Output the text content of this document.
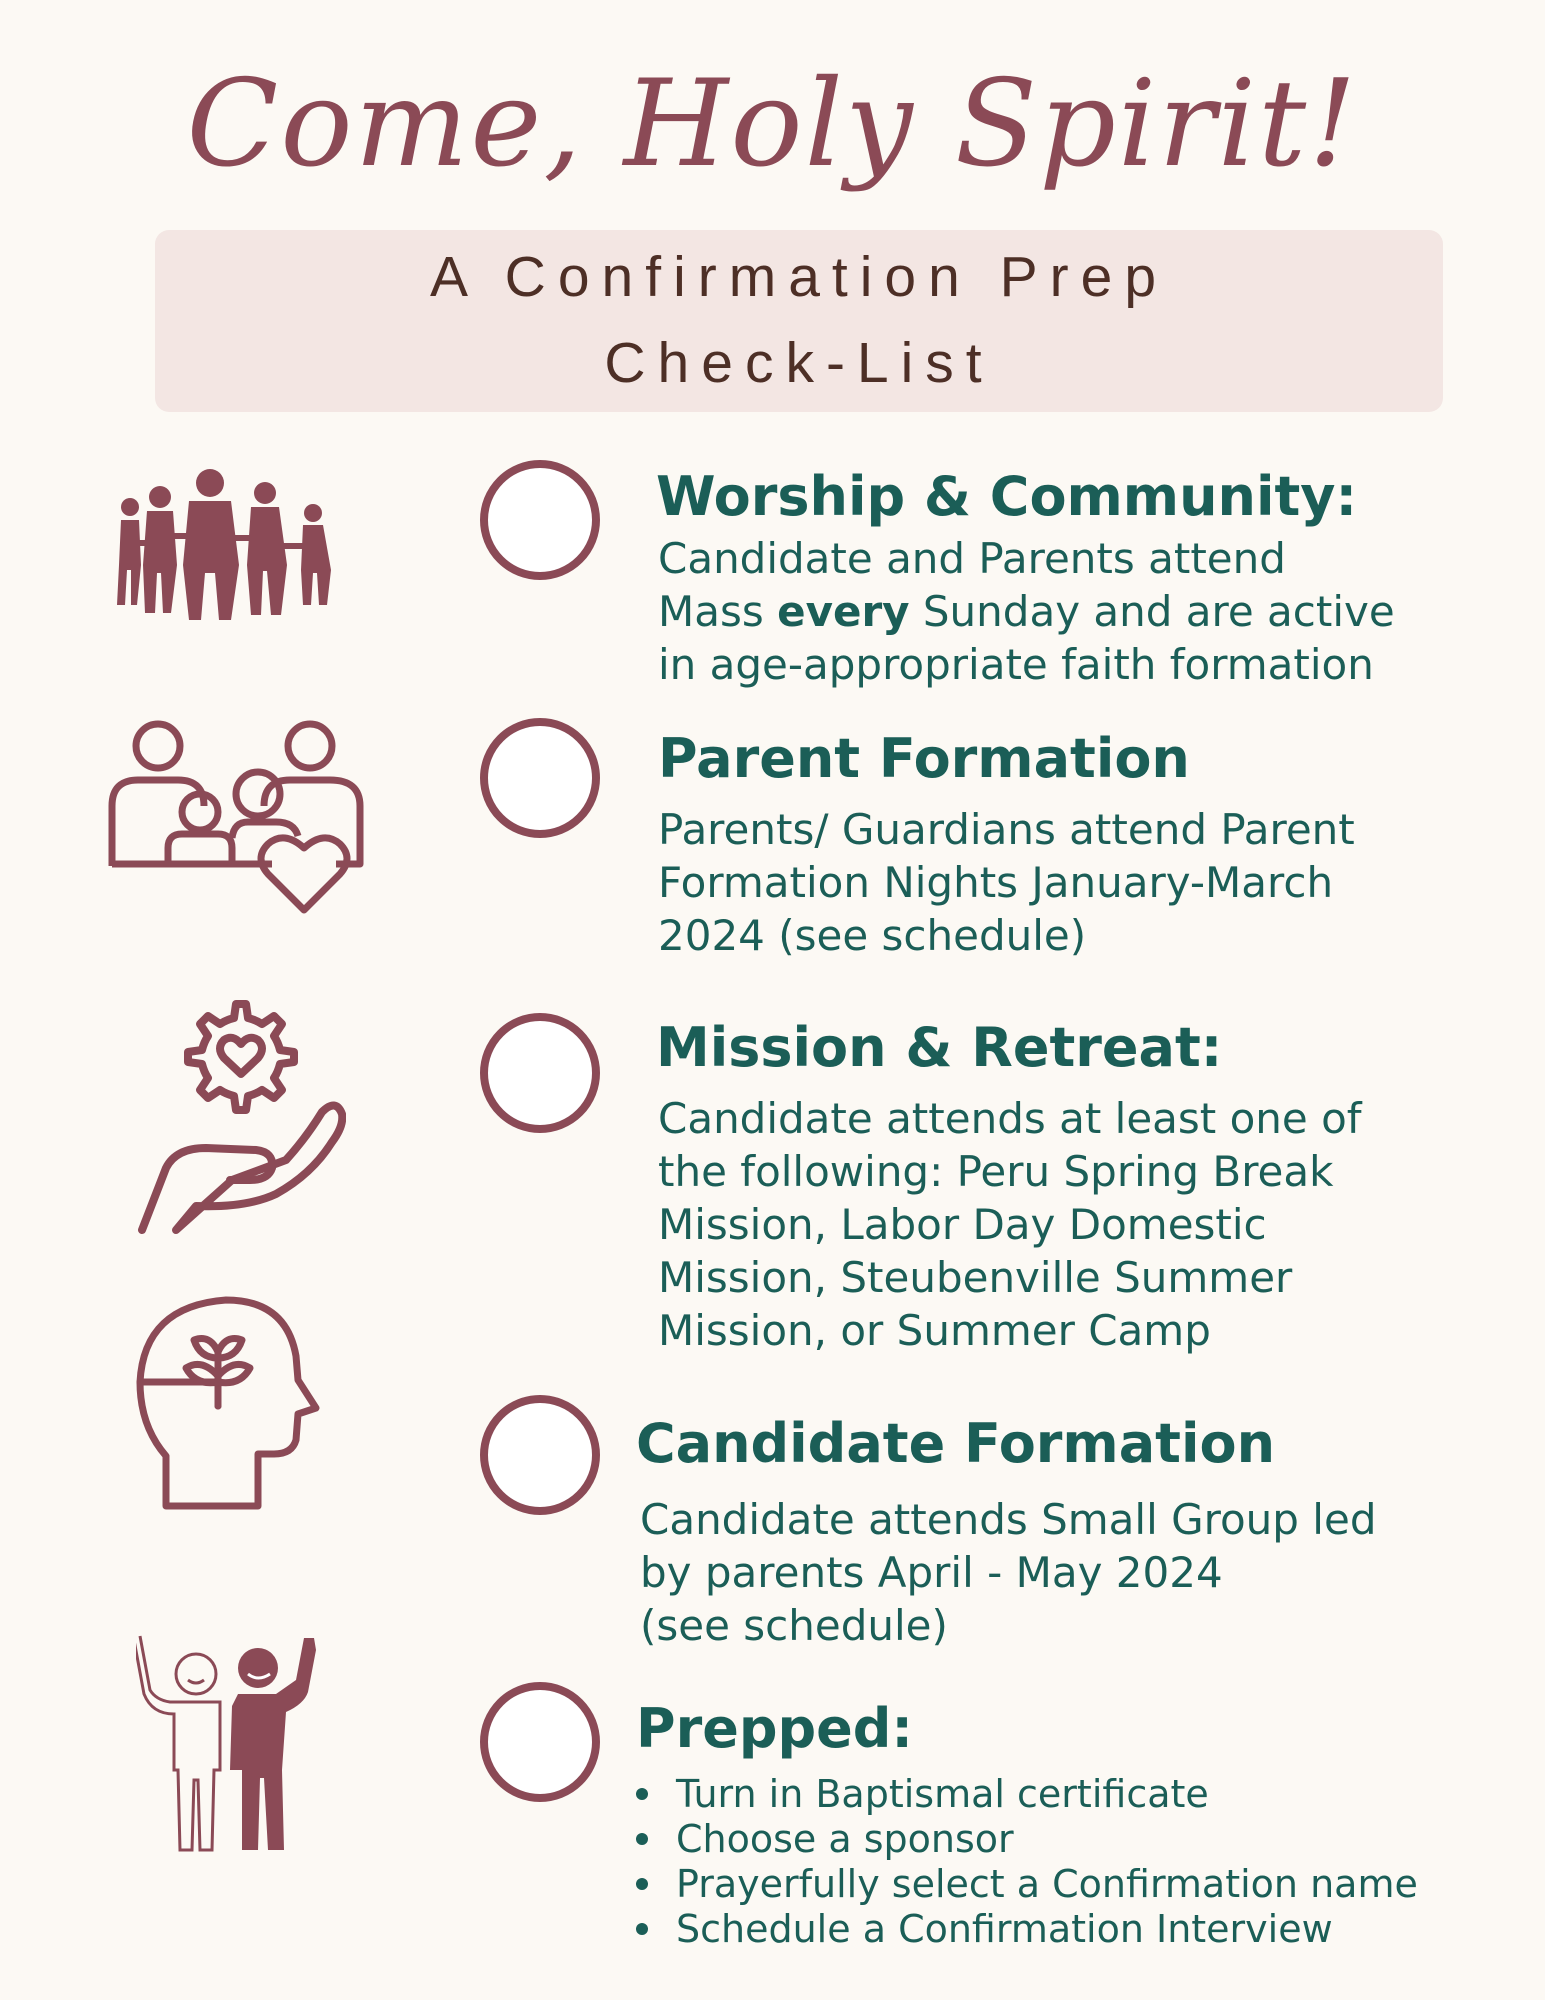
Come, Holy Spirit!
A Confirmation Prep
Check-List
Worship & Community:
Candidate and Parents attend
Mass every Sunday and are active
in age-appropriate faith formation
Parent Formation
Parents/ Guardians attend Parent
Formation Nights January-March
2024 (see schedule)
Mission & Retreat:
Candidate attends at least one of
the following: Peru Spring Break
Mission, Labor Day Domestic
Mission, Steubenville Summer
Mission, or Summer Camp
Candidate Formation
Candidate attends Small Group led
by parents April - May 2024
(see schedule)
Prepped:
Turn in Baptismal certificate
Choose a sponsor
Prayerfully select a Confirmation name
Schedule a Confirmation Interview
